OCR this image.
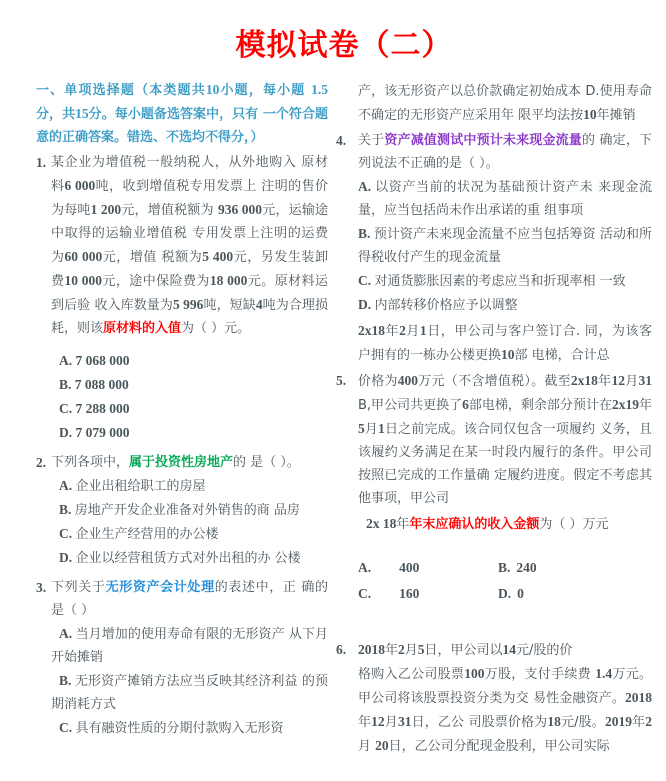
模拟试卷（二）
一、单项选择题（本类题共10小题，每小题 1.5分，共15分。每小题备选答案中，只有 一个符合题意的正确答案。错选、不选均不得分，）
1. 某企业为增值税一般纳税人，从外地购入 原材料6 000吨，收到增值税专用发票上 注明的售价为每吨1 200元，增值税额为 936 000元，运输途中取得的运输业增值税 专用发票上注明的运费为60 000元，增值 税额为5 400元，另发生装卸费10 000元，途中保险费为18 000元。原材料运到后验 收入库数量为5 996吨，短缺4吨为合理损耗，则该原材料的入值为（ ）元。
A. 7 068 000
B. 7 088 000
C. 7 288 000
D. 7 079 000
2. 下列各项中，属于投资性房地产的 是（ ）。
A. 企业出租给职工的房屋
B. 房地产开发企业准备对外销售的商 品房
C. 企业生产经营用的办公楼
D. 企业以经营租赁方式对外出租的办 公楼
3. 下列关于无形资产会计处理的表述中，正 确的是（ ）
A. 当月增加的使用寿命有限的无形资产 从下月开始摊销
B. 无形资产摊销方法应当反映其经济利益 的预期消耗方式
C. 具有融资性质的分期付款购入无形资
产，该无形资产以总价款确定初始成本 D.使用寿命不确定的无形资产应采用年 限平均法按10年摊销
4. 关于资产减值测试中预计未来现金流量的 确定，下列说法不正确的是（ ）。
A. 以资产当前的状况为基础预计资产未 来现金流量，应当包括尚未作出承诺的重 组事项
B. 预计资产未来现金流量不应当包括筹资 活动和所得税收付产生的现金流量
C. 对通货膨胀因素的考虑应当和折现率相 一致
D. 内部转移价格应予以调整
2x18年2月1日，甲公司与客户签订合. 同，为该客户拥有的一栋办公楼更换10部 电梯，合计总
5. 价格为400万元（不含增值税）。截至2x18年12月31 B,甲公司共更换了6部电梯，剩余部分预计在2x19年 5月1日之前完成。该合同仅包含一项履约 义务，且该履约义务满足在某一时段内履行的条件。甲公司按照已完成的工作量确 定履约进度。假定不考虑其他事项，甲公司
2x 18年年末应确认的收入金额为（ ）万元
A. 400	B. 240
C. 160	D. 0
6. 2018年2月5日，甲公司以14元/股的价
格购入乙公司股票100万股，支付手续费 1.4万元。甲公司将该股票投资分类为交 易性金融资产。2018年12月31日，乙公 司股票价格为18元/股。2019年2月 20日，乙公司分配现金股利，甲公司实际
